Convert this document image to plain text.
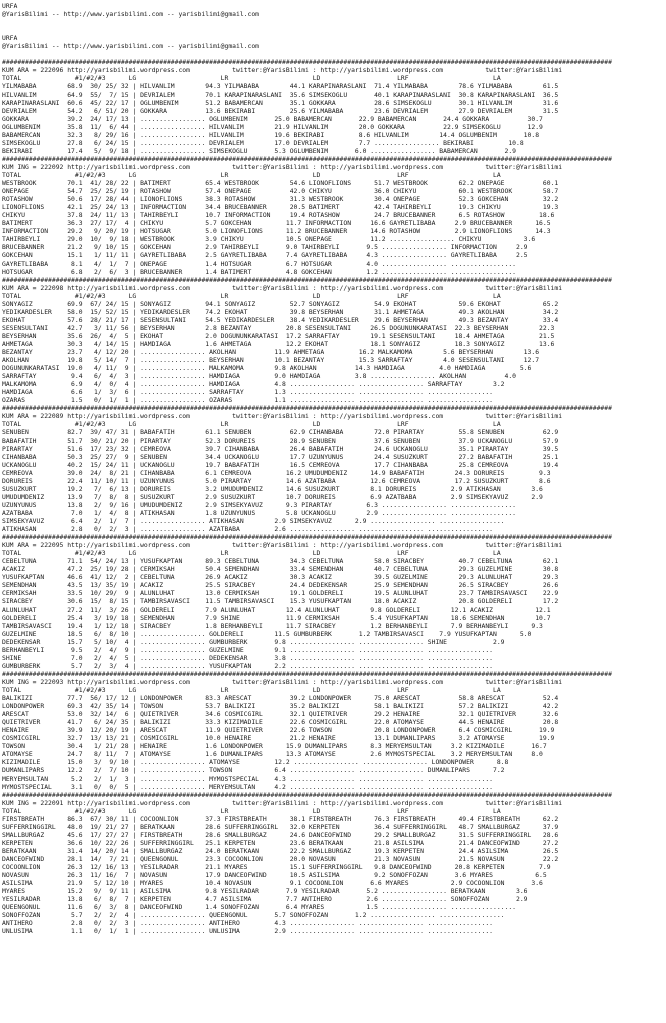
URFA
@YarisBilimi -- http://www.yarisbilimi.com -- yarisbilimi@gmail.com

URFA
@YarisBilimi -- http://www.yarisbilimi.com -- yarisbilimi@gmail.com

###############################################################################################################################################################
KUM ARA = 222096 http://yarisbilimi.wordpress.com           twitter:@YarisBilimi : http://yarisbilimi.wordpress.com           twitter:@YarisBilimi
TOTAL              #1/#2/#3      LG                      LR                      LD                    LRF                      LA
YILMABABA        68.9  30/ 25/ 32 | HILVANLIM        94.3 YILMABABA        44.1 KARAPINARASLANI  71.4 YILMABABA        78.6 YILMABABA        61.5
HILVANLIM        64.9  55/  7/ 15 | DEVRIALEM        70.1 KARAPINARASLANI  35.6 SIMSEKOGLU       40.1 KARAPINARASLANI  30.8 KARAPINARASLANI  36.5
KARAPINARASLANI  60.6  45/ 22/ 17 | OGLUMBENIM       51.2 BABAMERCAN       35.1 GOKKARA          28.6 SIMSEKOGLU       30.1 HILVANLIM        31.6
DEVRIALEM        54.2   6/ 51/ 20 | GOKKARA          13.6 BEKIRABI         25.6 YILMABABA        23.6 DEVRIALEM        27.9 DEVRIALEM        31.5
GOKKARA          39.2  24/ 17/ 13 | ................. OGLUMBENIM       25.0 BABAMERCAN       22.9 BABAMERCAN       24.4 GOKKARA          30.7
OGLUMBENIM       35.8  11/  6/ 44 | ................. HILVANLIM        21.9 HILVANLIM        20.0 GOKKARA          22.9 SIMSEKOGLU       12.9
BABAMERCAN       32.3   8/ 29/ 16 | ................. HILVANLIM        19.6 BEKIRABI         8.6 HILVANLIM        14.4 OGLUMBENIM       10.8
SIMSEKOGLU       27.8   6/ 24/ 15 | ................. DEVRIALEM        17.0 DEVRIALEM        7.7 ................. BEKIRABI         10.8
BEKIRABI         17.4   5/  9/ 18 | ................. SIMSEKOGLU       5.3 OGLUMBENIM       6.0 ................. BABAMERCAN       2.9
###############################################################################################################################################################
KUM ING = 222092 http://yarisbilimi.wordpress.com           twitter:@YarisBilimi : http://yarisbilimi.wordpress.com           twitter:@YarisBilimi
TOTAL              #1/#2/#3      LG                      LR                      LD                    LRF                      LA
WESTBROOK        70.1  41/ 28/ 22 | BATIMERT         65.4 WESTBROOK        54.6 LIONOFLIONS      51.7 WESTBROOK        62.2 ONEPAGE          60.1
ONEPAGE          54.7  25/ 25/ 19 | ROTASHOW         57.4 ONEPAGE          42.0 CHIKYU           36.0 CHIKYU           60.1 WESTBROOK        58.7
ROTASHOW         50.6  17/ 28/ 44 | LIONOFLIONS      38.3 ROTASHOW         31.3 WESTBROOK        30.4 ONEPAGE          52.3 GOKCEHAN         32.2
LIONOFLIONS      42.1  25/ 24/ 13 | INFORMACTION     34.4 BRUCEBANNER      20.5 BATIMERT         42.4 TAHIRBEYLI       19.3 CHIKYU           19.3
CHIKYU           37.8  24/ 11/ 13 | TAHIRBEYLI       10.7 INFORMACTION     19.4 ROTASHOW         24.7 BRUCEBANNER      6.5 ROTASHOW         18.6
BATIMERT         36.3  27/ 17/  4 | CHIKYU           5.7 GOKCEHAN         11.7 INFORMACTION     16.6 GAYRETLIBABA     2.9 BRUCEBANNER      16.5
INFORMACTION     29.2   9/ 20/ 19 | HOTSUGAR         5.0 LIONOFLIONS      11.2 BRUCEBANNER      14.6 ROTASHOW         2.9 LIONOFLIONS      14.3
TAHIRBEYLI       29.0  10/  9/ 18 | WESTBROOK        3.9 CHIKYU           10.5 ONEPAGE          11.2 ................. CHIKYU           3.6
BRUCEBANNER      21.2   9/ 10/ 15 | GOKCEHAN         2.9 TAHIRBEYLI       9.0 TAHIRBEYLI       9.5 ................. INFORMACTION     2.9
GOKCEHAN         15.1   1/ 11/ 11 | GAYRETLIBABA     2.5 GAYRETLIBABA     7.4 GAYRETLIBABA     4.3 ................. GAYRETLIBABA     2.5
GAYRETLIBABA      8.1   4/  1/  7 | ONEPAGE          1.4 HOTSUGAR         6.7 HOTSUGAR         4.0 ................. .................
HOTSUGAR          6.8   2/  6/  3 | BRUCEBANNER      1.4 BATIMERT         4.8 GOKCEHAN         1.2 ................. .................
###############################################################################################################################################################
KUM ARA = 222098 http://yarisbilimi.wordpress.com           twitter:@YarisBilimi : http://yarisbilimi.wordpress.com           twitter:@YarisBilimi
TOTAL              #1/#2/#3      LG                      LR                      LD                    LRF                      LA
SONYAGIZ         69.9  67/ 24/ 15 | SONYAGIZ         94.1 SONYAGIZ         52.7 SONYAGIZ         54.9 EKOHAT           59.6 EKOHAT           65.2
YEDIKARDESLER    58.0  15/ 52/ 15 | YEDIKARDESLER    74.2 EKOHAT           39.8 BEYSERHAN        31.1 AHMETAGA         49.3 AKOLHAN          34.2
EKOHAT           57.6  28/ 21/ 17 | SESENSULTANI     54.5 YEDIKARDESLER    38.4 YEDIKARDESLER    29.6 BEYSERHAN        49.3 BEZANTAY         33.4
SESENSULTANI     42.7   3/ 11/ 56 | BEYSERHAN        2.8 BEZANTAY         20.8 SESENSULTANI     26.5 DOGUNUNKARATASI  22.3 BEYSERHAN        22.3
BEYSERHAN        35.6  26/  4/  5 | EKOHAT           2.0 DOGUNUNKARATASI  17.2 SARRAFTAY        19.1 SESENSULTANI     18.4 AHMETAGA         21.5
AHMETAGA         30.3   4/ 14/ 15 | HAMDIAGA         1.6 AHMETAGA         12.2 EKOHAT           18.1 SONYAGIZ         18.3 SONYAGIZ         13.6
BEZANTAY         23.7   4/ 12/ 20 | ................. AKOLHAN          11.9 AHMETAGA         16.2 MALKAMOMA        5.6 BEYSERHAN        13.6
AKOLHAN          19.8   5/ 14/  7 | ................. BEYSERHAN        10.1 BEZANTAY         15.3 SARRAFTAY        4.0 SESENSULTANI     12.7
DOGUNUNKARATASI  19.0   4/ 11/  9 | ................. MALKAMOMA        9.8 AKOLHAN          14.3 HAMDIAGA         4.0 HAMDIAGA         5.6
SARRAFTAY         9.4   6/  4/  3 | ................. HAMDIAGA         9.0 HAMDIAGA         3.8 ................. AKOLHAN          4.0
MALKAMOMA         6.9   4/  0/  4 | ................. HAMDIAGA         4.8 ................. ................. SARRAFTAY        3.2
HAMDIAGA          6.6   1/  3/  6 | ................. SARRAFTAY        1.3 ................. ................. .................
OZARAS            1.5   0/  1/  1 | ................. OZARAS           1.1 ................. ................. .................
###############################################################################################################################################################
KUM ARA = 222089 http://yarisbilimi.wordpress.com           twitter:@YarisBilimi : http://yarisbilimi.wordpress.com           twitter:@YarisBilimi
TOTAL              #1/#2/#3      LG                      LR                      LD                    LRF                      LA
SENUBEN          82.7  39/ 47/ 31 | BABAFATIH        61.1 SENUBEN          62.9 CIHANBABA        72.0 PIRARTAY         55.8 SENUBEN          62.9
BABAFATIH        51.7  30/ 21/ 20 | PIRARTAY         52.3 DORUREIS         28.9 SENUBEN          37.6 SENUBEN          37.9 UCKANOGLU        57.9
PIRARTAY         51.6  17/ 23/ 32 | CEMREOVA         39.7 CIHANBABA        26.4 BABAFATIH        24.6 UCKANOGLU        35.1 PIRARTAY         39.5
CIHANBABA        50.3  25/ 27/  9 | SENUBEN          34.4 UCKANOGLU        17.7 UZUNYUNUS        24.4 SUSUZKURT        27.2 BABAFATIH        25.1
UCKANOGLU        40.2  15/ 24/ 11 | UCKANOGLU        19.7 BABAFATIH        16.5 CEMREOVA         17.7 CIHANBABA        25.8 CEMREOVA         19.4
CEMREOVA         39.0  24/  8/ 21 | CIHANBABA        6.1 CEMREOVA         16.2 UMUDUMDENIZ      14.9 BABAFATIH        24.3 DORUREIS         9.3
DORUREIS         22.4  11/ 10/ 11 | UZUNYUNUS        5.0 PIRARTAY         14.6 AZATBABA         12.6 CEMREOVA         17.2 SUSUZKURT        8.6
SUSUZKURT        19.2   7/  6/ 13 | DORUREIS         3.2 UMUDUMDENIZ      14.6 SUSUZKURT        8.1 DORUREIS         2.9 ATIKHASAN        3.6
UMUDUMDENIZ      13.9   7/  8/  8 | SUSUZKURT        2.9 SUSUZKURT        10.7 DORUREIS         6.9 AZATBABA         2.9 SIMSEKYAVUZ      2.9
UZUNYUNUS        13.8   2/  9/ 16 | UMUDUMDENIZ      2.9 SIMSEKYAVUZ      9.3 PIRARTAY         6.3 ................. .................
AZATBABA          7.0   1/  4/  8 | ATIKHASAN        1.8 UZUNYUNUS        5.8 UCKANOGLU        2.9 ................. .................
SIMSEKYAVUZ       6.4   2/  1/  7 | ................. ATIKHASAN        2.9 SIMSEKYAVUZ      2.9 ................. .................
ATIKHASAN         2.8   0/  2/  3 | ................. AZATBABA         2.6 ................. ................. .................
###############################################################################################################################################################
KUM ARA = 222095 http://yarisbilimi.wordpress.com           twitter:@YarisBilimi : http://yarisbilimi.wordpress.com           twitter:@YarisBilimi
TOTAL              #1/#2/#3      LG                      LR                      LD                    LRF                      LA
CEBELTUNA        71.1  54/ 24/ 13 | YUSUFKAPTAN      89.3 CEBELTUNA        34.3 CEBELTUNA        58.0 SIRACBEY         40.7 CEBELTUNA        62.1
ACAKIZ           47.2  25/ 19/ 28 | CERMIKSAH        50.4 SEMENDHAN        33.4 SEMENDHAN        40.7 CEBELTUNA        29.3 GUZELMINE        30.8
YUSUFKAPTAN      46.6  41/ 12/  2 | CEBELTUNA        26.9 ACAKIZ           30.3 ACAKIZ           39.5 GUZELMINE        29.3 ALUNLUHAT        29.3
SEMENDHAN        43.5  13/ 35/ 19 | ACAKIZ           25.5 SIRACBEY         24.4 DEDEKENSAR       25.9 SEMENDHAN        26.5 SIRACBEY         26.6
CERMIKSAH        33.5  10/ 29/  9 | ALUNLUHAT        13.0 CERMIKSAH        19.1 GOLDERELI        19.5 ALUNLUHAT        23.7 TAMBIRSAVASCI    22.9
SIRACBEY         30.6  15/  8/ 15 | TAMBIRSAVASCI    11.5 TAMBIRSAVASCI    15.3 YUSUFKAPTAN      18.0 ACAKIZ           20.8 GOLDERELI        17.2
ALUNLUHAT        27.2  11/  3/ 26 | GOLDERELI        7.9 ALUNLUHAT        12.4 ALUNLUHAT        9.8 GOLDERELI        12.1 ACAKIZ           12.1
GOLDERELI        25.4   3/ 19/ 18 | SEMENDHAN        7.9 SHINE            11.9 CERMIKSAH        5.4 YUSUFKAPTAN      18.6 SEMENDHAN        10.7
TAMBIRSAVASCI    19.4   1/ 12/ 18 | SIRACBEY         1.8 BERHANBEYLI      11.7 SIRACBEY         1.2 BERHANBEYLI      7.9 BERHANBEYLI      9.3
GUZELMINE        18.5   6/  8/ 10 | ................. GOLDERELI        11.5 GUMBURBERK       1.2 TAMBIRSAVASCI    7.9 YUSUFKAPTAN      5.0
DEDEKENSAR       15.7   5/ 10/  4 | ................. GUMBURBERK       9.8 ................. ................. SHINE            2.9
BERHANBEYLI       9.5   2/  4/  9 | ................. GUZELMINE        9.1 ................. ................. .................
SHINE             7.0   2/  4/  5 | ................. DEDEKENSAR       3.8 ................. ................. .................
GUMBURBERK        5.7   2/  3/  4 | ................. YUSUFKAPTAN      2.2 ................. ................. .................
###############################################################################################################################################################
KUM ING = 222093 http://yarisbilimi.wordpress.com           twitter:@YarisBilimi : http://yarisbilimi.wordpress.com           twitter:@YarisBilimi
TOTAL              #1/#2/#3      LG                      LR                      LD                    LRF                      LA
BALIKIZI         77.7  56/ 17/ 12 | LONDONPOWER      83.3 ARESCAT          39.2 LONDONPOWER      75.0 ARESCAT          58.8 ARESCAT          52.4
LONDONPOWER      69.3  42/ 35/ 14 | TOWSON           53.7 BALIKIZI         35.2 BALIKIZI         58.1 BALIKIZI         57.2 BALIKIZI         42.2
ARESCAT          53.0  32/ 14/  6 | QUIETRIVER       34.6 COSMICGIRL       32.1 QUIETRIVER       29.2 HENAIRE          32.1 QUIETRIVER       32.6
QUIETRIVER       41.7   6/ 24/ 35 | BALIKIZI         33.3 KIZIMADILE       22.6 COSMICGIRL       22.0 ATOMAYSE         44.5 HENAIRE          20.8
HENAIRE          39.9  12/ 20/ 19 | ARESCAT          11.9 QUIETRIVER       22.6 TOWSON           20.8 LONDONPOWER      6.4 COSMICGIRL       19.9
COSMICGIRL       32.7  13/ 13/ 21 | COSMICGIRL       10.0 HENAIRE          21.2 HENAIRE          13.1 DUMANLIPARS      3.2 ATOMAYSE         19.9
TOWSON           30.4   1/ 21/ 28 | HENAIRE          1.6 LONDONPOWER      15.9 DUMANLIPARS      8.3 MERYEMSULTAN     3.2 KIZIMADILE       16.7
ATOMAYSE         24.7   8/ 11/  7 | ATOMAYSE         1.6 DUMANLIPARS      13.3 ATOMAYSE         2.6 MYMOSTSPECIAL    3.2 MERYEMSULTAN     8.0
KIZIMADILE       15.0   3/  9/ 10 | ................. ATOMAYSE         12.2 ................. ................. LONDONPOWER      8.8
DUMANLIPARS      12.2   2/  7/ 10 | ................. TOWSON           6.4 ................. ................. DUMANLIPARS      7.2
MERYEMSULTAN      5.2   2/  1/  3 | ................. MYMOSTSPECIAL    4.3 ................. ................. .................
MYMOSTSPECIAL     3.1   0/  0/  5 | ................. MERYEMSULTAN     4.2 ................. ................. .................
###############################################################################################################################################################
KUM ING = 222091 http://yarisbilimi.wordpress.com           twitter:@YarisBilimi : http://yarisbilimi.wordpress.com           twitter:@YarisBilimi
TOTAL              #1/#2/#3      LG                      LR                      LD                    LRF                      LA
FIRSTBREATH      86.3  67/ 30/ 11 | COCOONLION       37.3 FIRSTBREATH      38.1 FIRSTBREATH      76.3 FIRSTBREATH      49.4 FIRSTBREATH      62.2
SUFFERRINGGIRL   48.0  19/ 21/ 27 | BERATKAAN        28.6 SUFFERRINGGIRL   32.0 KERPETEN         36.4 SUFFERRINGGIRL   48.7 SMALLBURGAZ      37.9
SMALLBURGAZ      45.6  17/ 27/ 27 | FIRSTBREATH      28.6 SMALLBURGAZ      24.6 DANCEOFWIND      29.2 SMALLBURGAZ      31.5 SUFFERRINGGIRL   28.6
KERPETEN         36.6  10/ 22/ 26 | SUFFERRINGGIRL   25.1 KERPETEN         23.6 BERATKAAN        21.8 ASILSIMA         21.4 DANCEOFWIND      27.2
BERATKAAN        31.4  14/ 20/ 14 | SMALLBURGAZ      24.0 BERATKAAN        22.2 SMALLBURGAZ      19.3 KERPETEN         24.4 ASILSIMA         26.5
DANCEOFWIND      28.1  14/  7/ 21 | QUEENGONUL       23.3 COCOONLION       20.0 NOVASUN          21.3 NOVASUN          21.5 NOVASUN          22.2
COCOONLION       26.3  12/ 16/ 13 | YESILRADAR       21.1 MYARES           15.1 SUFFERRINGGIRL   9.8 DANCEOFWIND      20.8 KERPETEN         7.9
NOVASUN          26.3  11/ 16/  7 | NOVASUN          17.9 DANCEOFWIND      10.5 ASILSIMA         9.2 SONOFFOZAN       3.6 MYARES           6.5
ASILSIMA         21.9   5/ 12/ 10 | MYARES           10.4 NOVASUN          9.1 COCOONLION       6.6 MYARES           2.9 COCOONLION       3.6
MYARES           15.2   9/  9/ 11 | ASILSIMA         9.8 YESILRADAR       7.9 YESILRADAR       5.2 ................. BERATKAAN        3.6
YESILRADAR       13.8   6/  8/  7 | KERPETEN         4.7 ASILSIMA         7.7 ANTIHERO         2.6 ................. SONOFFOZAN       2.9
QUEENGONUL       11.6   6/  3/  8 | DANCEOFWIND      1.4 SONOFFOZAN       6.4 MYARES           1.5 ................. .................
SONOFFOZAN        5.7   2/  2/  4 | ................. QUEENGONUL       5.7 SONOFFOZAN       1.2 ................. .................
ANTIHERO          2.8   0/  2/  3 | ................. ANTIHERO         4.3 ................. ................. .................
UNLUSIMA          1.1   0/  1/  1 | ................. UNLUSIMA         2.9 ................. ................. .................
